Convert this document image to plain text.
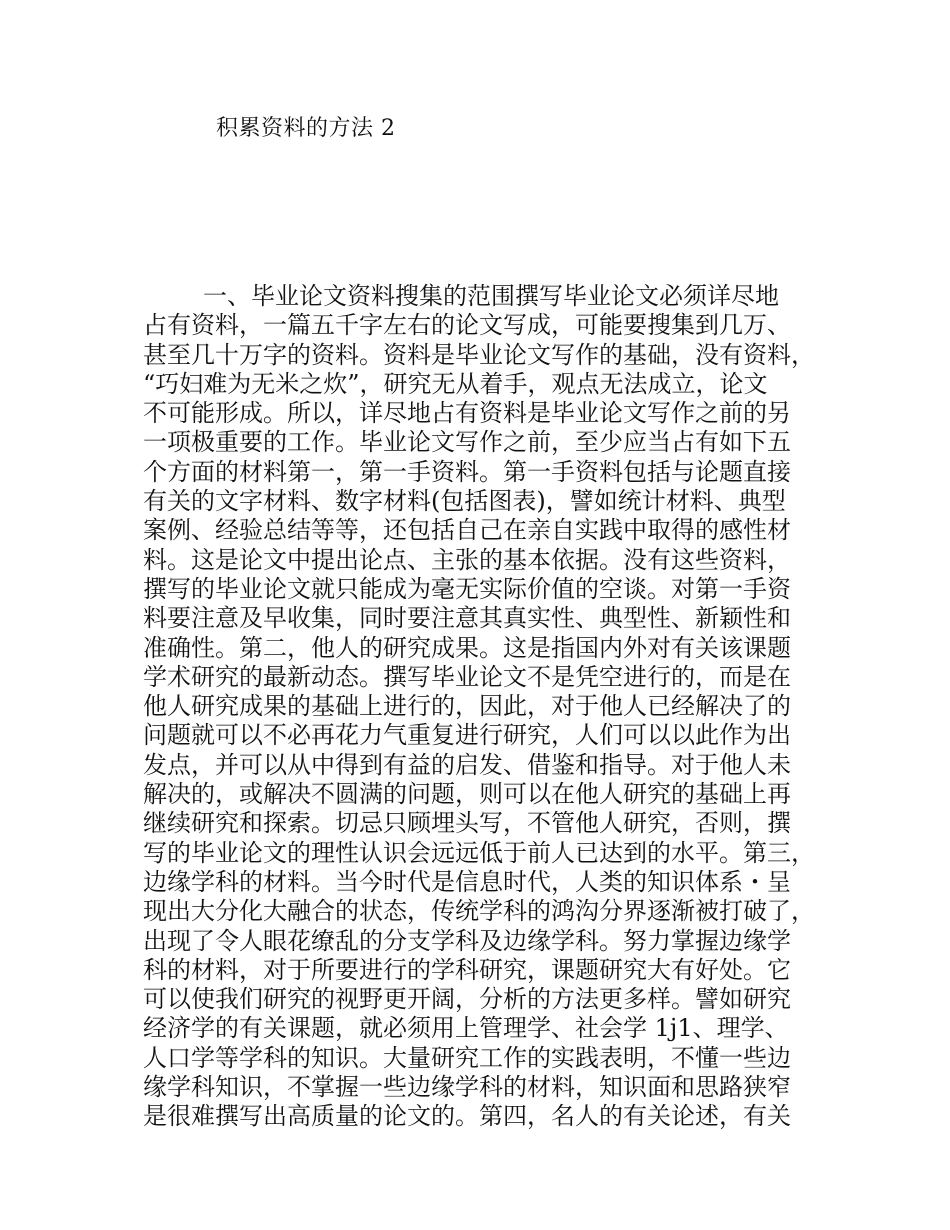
积累资料的方法 2
一、毕业论文资料搜集的范围撰写毕业论文必须详尽地
占有资料，一篇五千字左右的论文写成，可能要搜集到几万、
甚至几十万字的资料。资料是毕业论文写作的基础，没有资料，
“巧妇难为无米之炊”，研究无从着手，观点无法成立，论文
不可能形成。所以，详尽地占有资料是毕业论文写作之前的另
一项极重要的工作。毕业论文写作之前，至少应当占有如下五
个方面的材料第一，第一手资料。第一手资料包括与论题直接
有关的文字材料、数字材料(包括图表)，譬如统计材料、典型
案例、经验总结等等，还包括自己在亲自实践中取得的感性材
料。这是论文中提出论点、主张的基本依据。没有这些资料，
撰写的毕业论文就只能成为毫无实际价值的空谈。对第一手资
料要注意及早收集，同时要注意其真实性、典型性、新颖性和
准确性。第二，他人的研究成果。这是指国内外对有关该课题
学术研究的最新动态。撰写毕业论文不是凭空进行的，而是在
他人研究成果的基础上进行的，因此，对于他人已经解决了的
问题就可以不必再花力气重复进行研究，人们可以以此作为出
发点，并可以从中得到有益的启发、借鉴和指导。对于他人未
解决的，或解决不圆满的问题，则可以在他人研究的基础上再
继续研究和探索。切忌只顾埋头写，不管他人研究，否则，撰
写的毕业论文的理性认识会远远低于前人已达到的水平。第三，
边缘学科的材料。当今时代是信息时代，人类的知识体系・呈
现出大分化大融合的状态，传统学科的鸿沟分界逐渐被打破了，
出现了令人眼花缭乱的分支学科及边缘学科。努力掌握边缘学
科的材料，对于所要进行的学科研究，课题研究大有好处。它
可以使我们研究的视野更开阔，分析的方法更多样。譬如研究
经济学的有关课题，就必须用上管理学、社会学 1j1、理学、
人口学等学科的知识。大量研究工作的实践表明，不懂一些边
缘学科知识，不掌握一些边缘学科的材料，知识面和思路狭窄
是很难撰写出高质量的论文的。第四，名人的有关论述，有关
